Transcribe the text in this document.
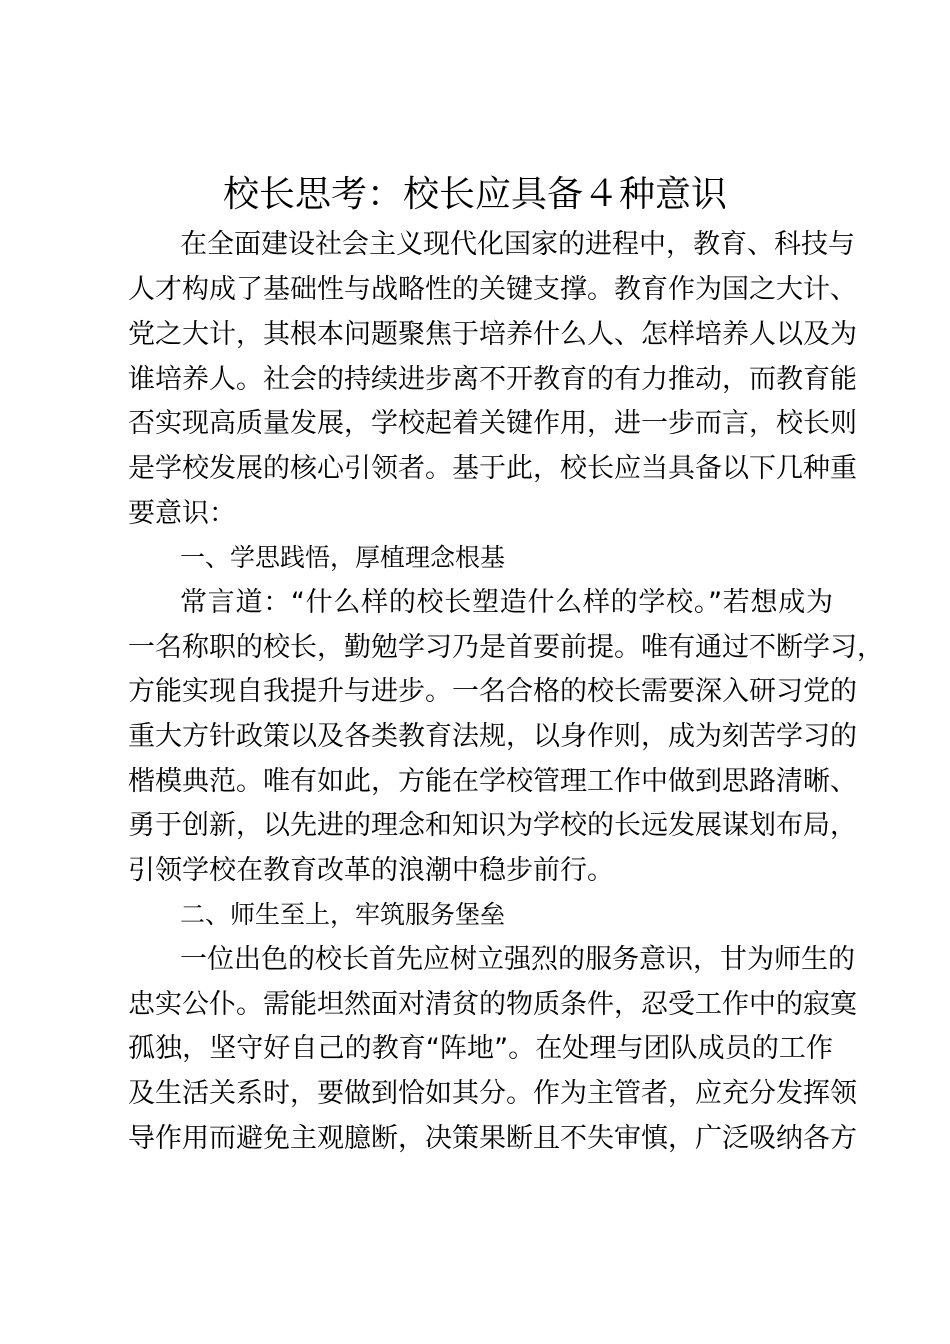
校长思考：校长应具备４种意识
在全面建设社会主义现代化国家的进程中，教育、科技与
人才构成了基础性与战略性的关键支撑。教育作为国之大计、
党之大计，其根本问题聚焦于培养什么人、怎样培养人以及为
谁培养人。社会的持续进步离不开教育的有力推动，而教育能
否实现高质量发展，学校起着关键作用，进一步而言，校长则
是学校发展的核心引领者。基于此，校长应当具备以下几种重
要意识：
一、学思践悟，厚植理念根基
常言道：“什么样的校长塑造什么样的学校。”若想成为
一名称职的校长，勤勉学习乃是首要前提。唯有通过不断学习，
方能实现自我提升与进步。一名合格的校长需要深入研习党的
重大方针政策以及各类教育法规，以身作则，成为刻苦学习的
楷模典范。唯有如此，方能在学校管理工作中做到思路清晰、
勇于创新，以先进的理念和知识为学校的长远发展谋划布局，
引领学校在教育改革的浪潮中稳步前行。
二、师生至上，牢筑服务堡垒
一位出色的校长首先应树立强烈的服务意识，甘为师生的
忠实公仆。需能坦然面对清贫的物质条件，忍受工作中的寂寞
孤独，坚守好自己的教育“阵地”。在处理与团队成员的工作
及生活关系时，要做到恰如其分。作为主管者，应充分发挥领
导作用而避免主观臆断，决策果断且不失审慎，广泛吸纳各方
